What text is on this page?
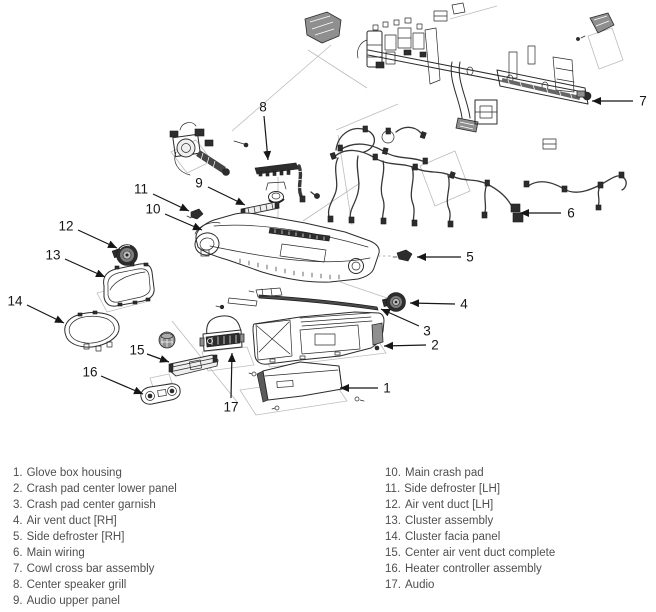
1
2
3
4
5
6
7
8
9
10
11
12
13
14
15
16
17
1. Glove box housing
2. Crash pad center lower panel
3. Crash pad center garnish
4. Air vent duct [RH]
5. Side defroster [RH]
6. Main wiring
7. Cowl cross bar assembly
8. Center speaker grill
9. Audio upper panel
10. Main crash pad
11. Side defroster [LH]
12. Air vent duct [LH]
13. Cluster assembly
14. Cluster facia panel
15. Center air vent duct complete
16. Heater controller assembly
17. Audio
